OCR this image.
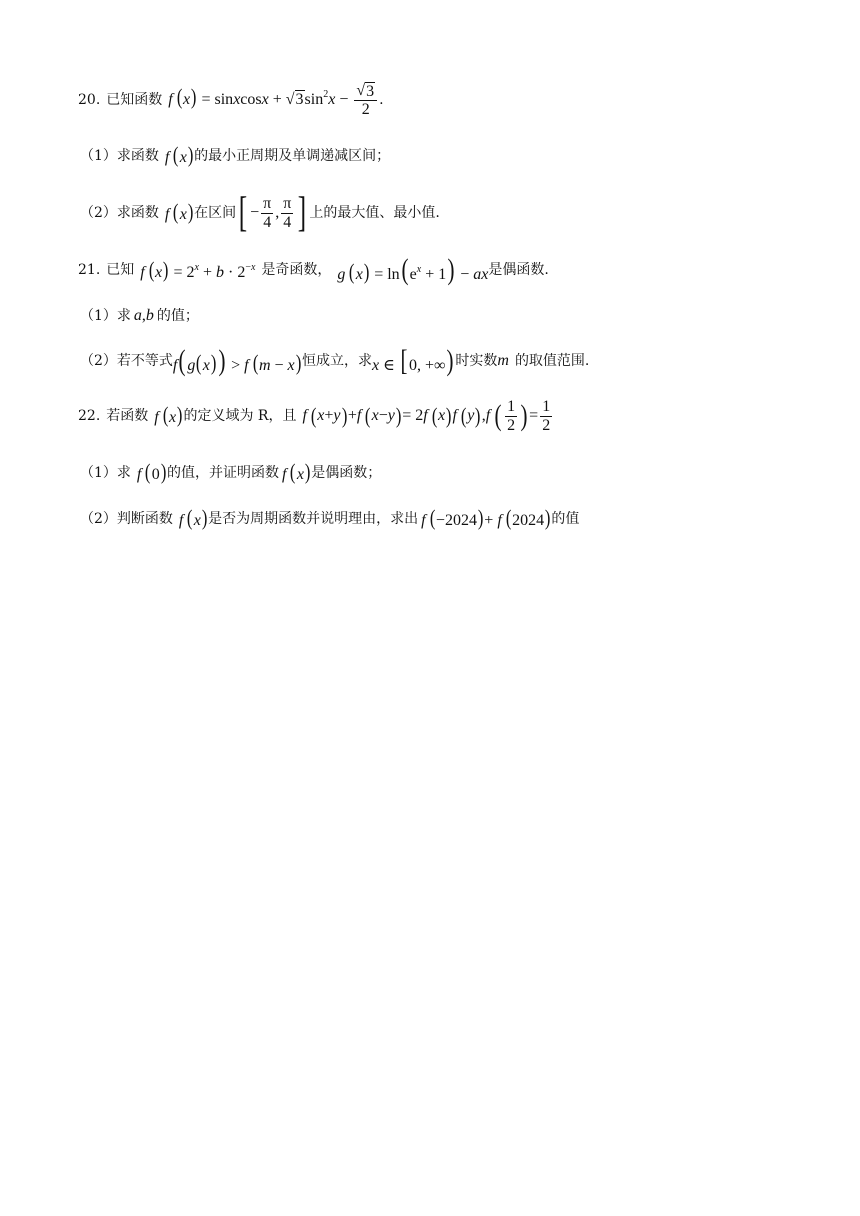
20. 已知函数 f (x) = sinxcosx + √ 3 $\sin^2x - \frac{√ 3}{2}$ .
（1） 求函数 f (x) 的最小正周期及单调递减区间；
（2） 求函数 f (x) 在区间 [ − $\frac{\pi}{4}$ , $\frac{\pi}{4}$ ] 上的最大值、最小值.
21. 已知 f $(x) = 2^x + b \cdot 2^{-x}$ 是奇函数， g $(x) = \ln(e^x + 1)$ − ax 是偶函数.
（1） 求 a,b 的值；
（2） 若不等式 f(g(x)) > f (m − x) 恒成立，求 x ∈ [0, +∞) 时实数 m 的取值范围.
22. 若函数 f (x) 的定义域为 R，且 f ( x + y ) + f ( x − y ) = 2 f ( x ) f ( y ) , f ( $\frac{1}{2}$ ) = $\frac{1}{2}$
（1） 求 f (0) 的值，并证明函数 f (x) 是偶函数；
（2） 判断函数 f (x) 是否为周期函数并说明理由，求出 f (−2024)+ f (2024) 的值
